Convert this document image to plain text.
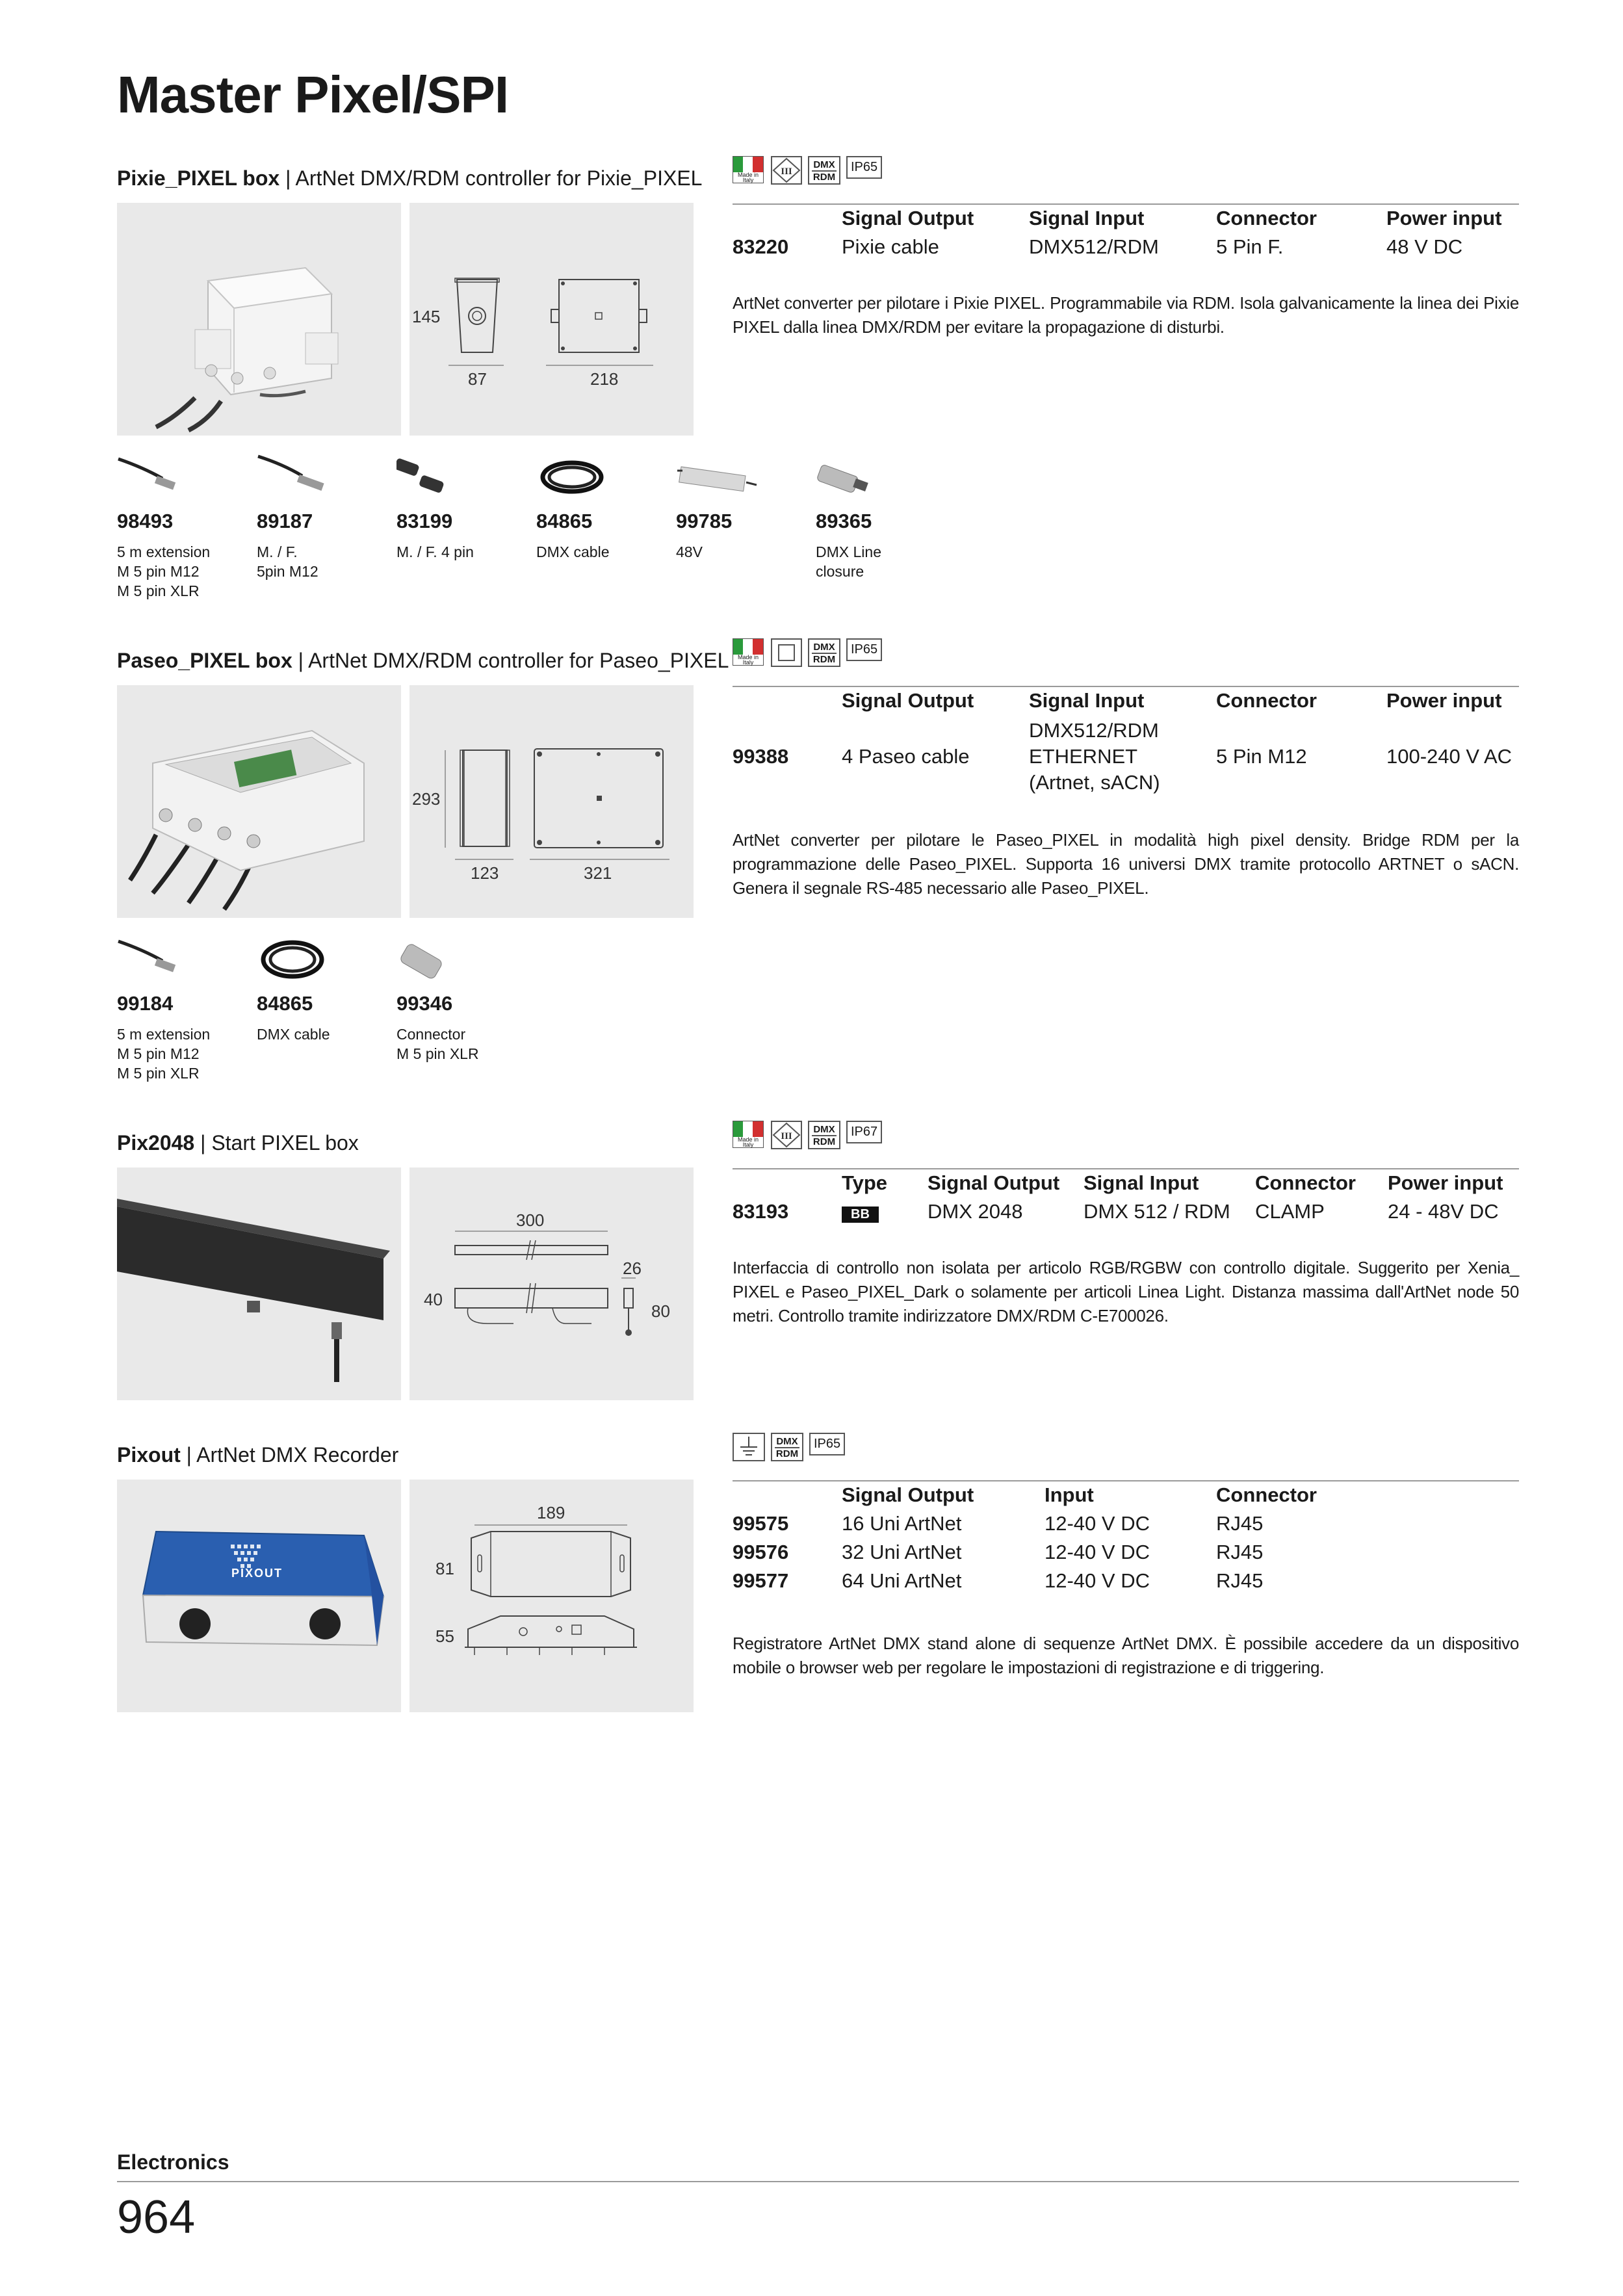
Master Pixel/SPI
Pixie_PIXEL box | ArtNet DMX/RDM controller for Pixie_PIXEL
145
87	218
Made in Italy
III
DMX
RDM
IP65
	Signal Output	Signal Input	Connector	Power input
83220	Pixie cable	DMX512/RDM	5 Pin F.	48 V DC
ArtNet converter per pilotare i Pixie PIXEL. Programmabile via RDM. Isola galvanicamente la linea dei Pixie PIXEL dalla linea DMX/RDM per evitare la propagazione di disturbi.
98493
5 m extension
M 5 pin M12
M 5 pin XLR
89187
M. / F.
5pin M12
83199
M. / F. 4 pin
84865
DMX cable
99785
48V
89365
DMX Line
closure
Paseo_PIXEL box | ArtNet DMX/RDM controller for Paseo_PIXEL
293
123	321
Made in Italy
DMX
RDM
IP65
	Signal Output	Signal Input	Connector	Power input
99388	4 Paseo cable	DMX512/RDM
ETHERNET
(Artnet, sACN)	5 Pin M12	100-240 V AC
ArtNet converter per pilotare le Paseo_PIXEL in modalità high pixel density. Bridge RDM per la programmazione delle Paseo_PIXEL. Supporta 16 universi DMX tramite protocollo ARTNET o sACN. Genera il segnale RS-485 necessario alle Paseo_PIXEL.
99184
5 m extension
M 5 pin M12
M 5 pin XLR
84865
DMX cable
99346
Connector
M 5 pin XLR
Pix2048 | Start PIXEL box
300
40
26
80
Made in Italy
III
DMX
RDM
IP67
	Type	Signal Output	Signal Input	Connector	Power input
83193	BB	DMX 2048	DMX 512 / RDM	CLAMP	24 - 48V DC
Interfaccia di controllo non isolata per articolo RGB/RGBW con controllo digitale. Suggerito per Xenia_ PIXEL e Paseo_PIXEL_Dark o solamente per articoli Linea Light. Distanza massima dall'ArtNet node 50 metri. Controllo tramite indirizzatore DMX/RDM C-E700026.
Pixout | ArtNet DMX Recorder
PIXOUT
189
81
55
DMX
RDM
IP65
	Signal Output	Input	Connector
99575	16 Uni ArtNet	12-40 V DC	RJ45
99576	32 Uni ArtNet	12-40 V DC	RJ45
99577	64 Uni ArtNet	12-40 V DC	RJ45
Registratore ArtNet DMX stand alone di sequenze ArtNet DMX. È possibile accedere da un dispositivo mobile o browser web per regolare le impostazioni di registrazione e di triggering.
Electronics
964
